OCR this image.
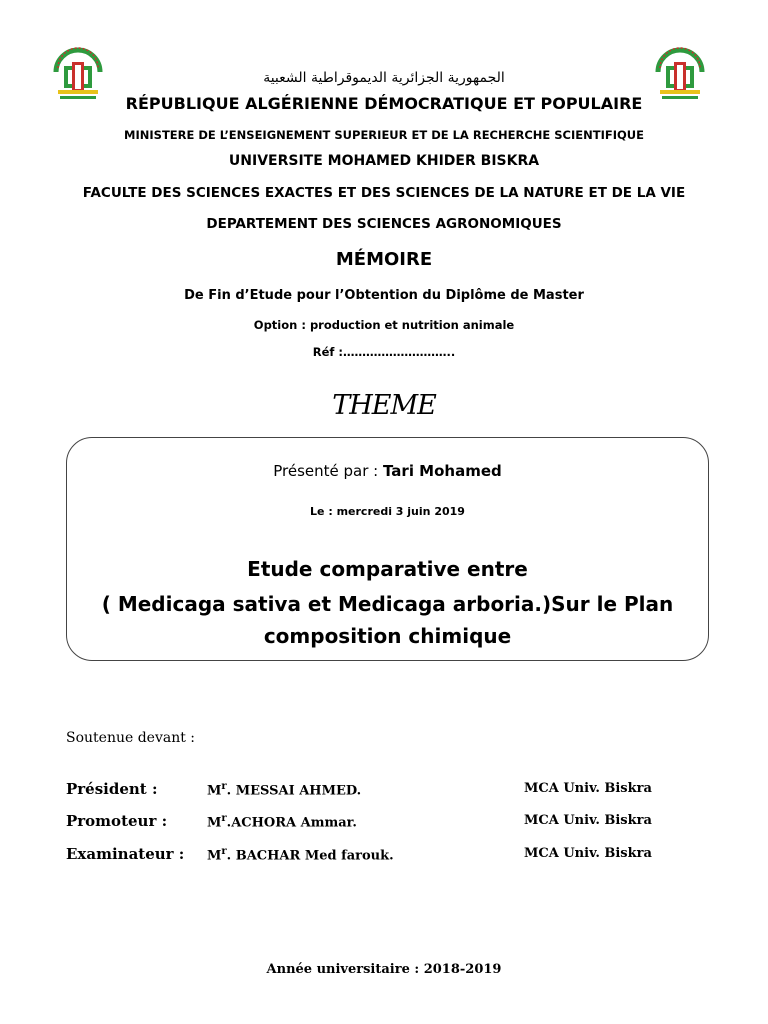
الجمهورية الجزائرية الديموقراطية الشعبية
RÉPUBLIQUE ALGÉRIENNE DÉMOCRATIQUE ET POPULAIRE
MINISTERE DE L’ENSEIGNEMENT SUPERIEUR ET DE LA RECHERCHE SCIENTIFIQUE
UNIVERSITE MOHAMED KHIDER BISKRA
FACULTE DES SCIENCES EXACTES ET DES SCIENCES DE LA NATURE ET DE LA VIE
DEPARTEMENT DES SCIENCES AGRONOMIQUES
MÉMOIRE
De Fin d’Etude pour l’Obtention du Diplôme de Master
Option : production et nutrition animale
Réf :………………………..
THEME
Présenté par : Tari Mohamed
Le : mercredi 3 juin 2019
Etude comparative entre
( Medicaga sativa et Medicaga arboria.)Sur le Plan
composition chimique
Soutenue devant :
Président :	$M^r$. MESSAI AHMED.	MCA Univ. Biskra
Promoteur :	$M^r.ACHORA$ Ammar.	MCA Univ. Biskra
Examinateur : $M^r$. BACHAR Med farouk.	MCA Univ. Biskra
Année universitaire : 2018-2019
